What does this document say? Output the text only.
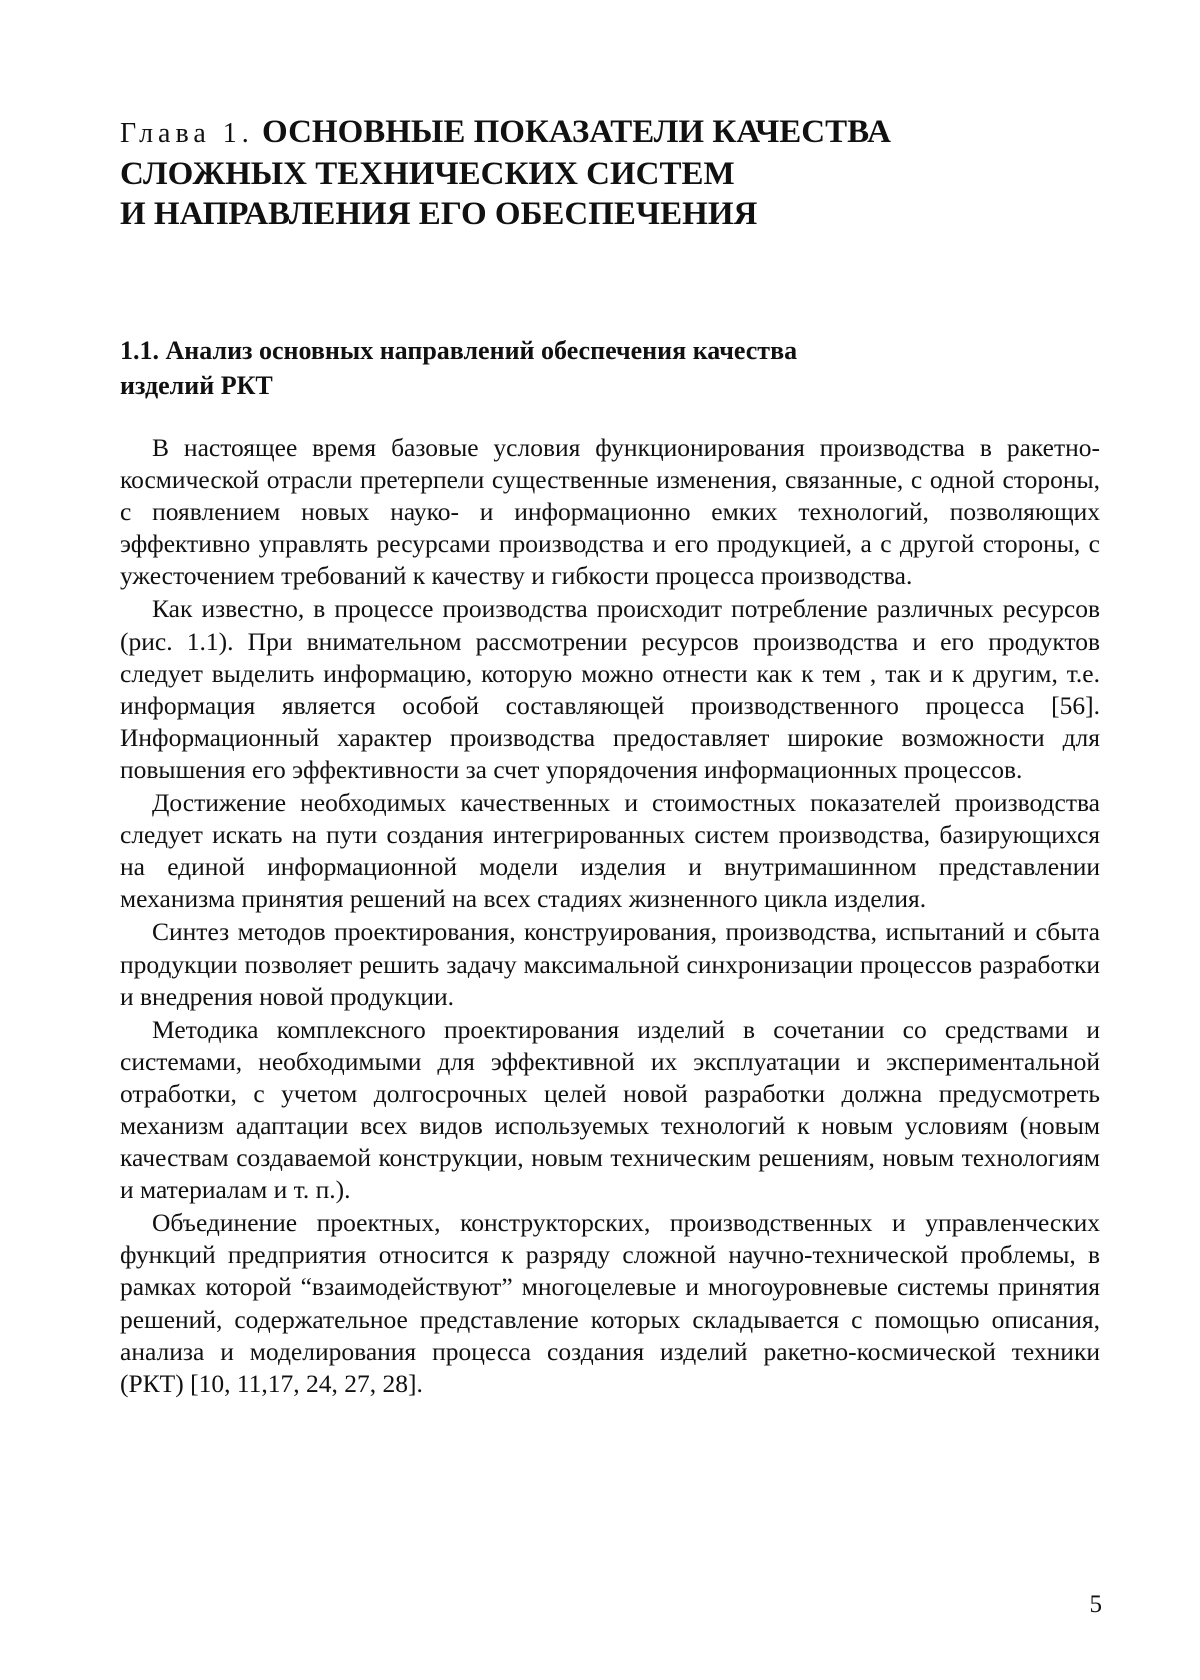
Глава 1. ОСНОВНЫЕ ПОКАЗАТЕЛИ КАЧЕСТВА
СЛОЖНЫХ ТЕХНИЧЕСКИХ СИСТЕМ
И НАПРАВЛЕНИЯ ЕГО ОБЕСПЕЧЕНИЯ
1.1. Анализ основных направлений обеспечения качества
изделий РКТ

В настоящее время базовые условия функционирования производства в ракетно-космической отрасли претерпели существенные изменения, связанные, с одной стороны, с появлением новых науко- и информационно емких технологий, позволяющих эффективно управлять ресурсами производства и его продукцией, а с другой стороны, с ужесточением требований к качеству и гибкости процесса производства.

Как известно, в процессе производства происходит потребление различных ресурсов (рис. 1.1). При внимательном рассмотрении ресурсов производства и его продуктов следует выделить информацию, которую можно отнести как к тем , так и к другим, т.е. информация является особой составляющей производственного процесса [56]. Информационный характер производства предоставляет широкие возможности для повышения его эффективности за счет упорядочения информационных процессов.

Достижение необходимых качественных и стоимостных показателей производства следует искать на пути создания интегрированных систем производства, базирующихся на единой информационной модели изделия и внутримашинном представлении механизма принятия решений на всех стадиях жизненного цикла изделия.

Синтез методов проектирования, конструирования, производства, испытаний и сбыта продукции позволяет решить задачу максимальной синхронизации процессов разработки и внедрения новой продукции.

Методика комплексного проектирования изделий в сочетании со средствами и системами, необходимыми для эффективной их эксплуатации и экспериментальной отработки, с учетом долгосрочных целей новой разработки должна предусмотреть механизм адаптации всех видов используемых технологий к новым условиям (новым качествам создаваемой конструкции, новым техническим решениям, новым технологиям и материалам и т. п.).

Объединение проектных, конструкторских, производственных и управленческих функций предприятия относится к разряду сложной научно-технической проблемы, в рамках которой “взаимодействуют” многоцелевые и многоуровневые системы принятия решений, содержательное представление которых складывается с помощью описания, анализа и моделирования процесса создания изделий ракетно-космической техники (РКТ) [10, 11,17, 24, 27, 28].

5
